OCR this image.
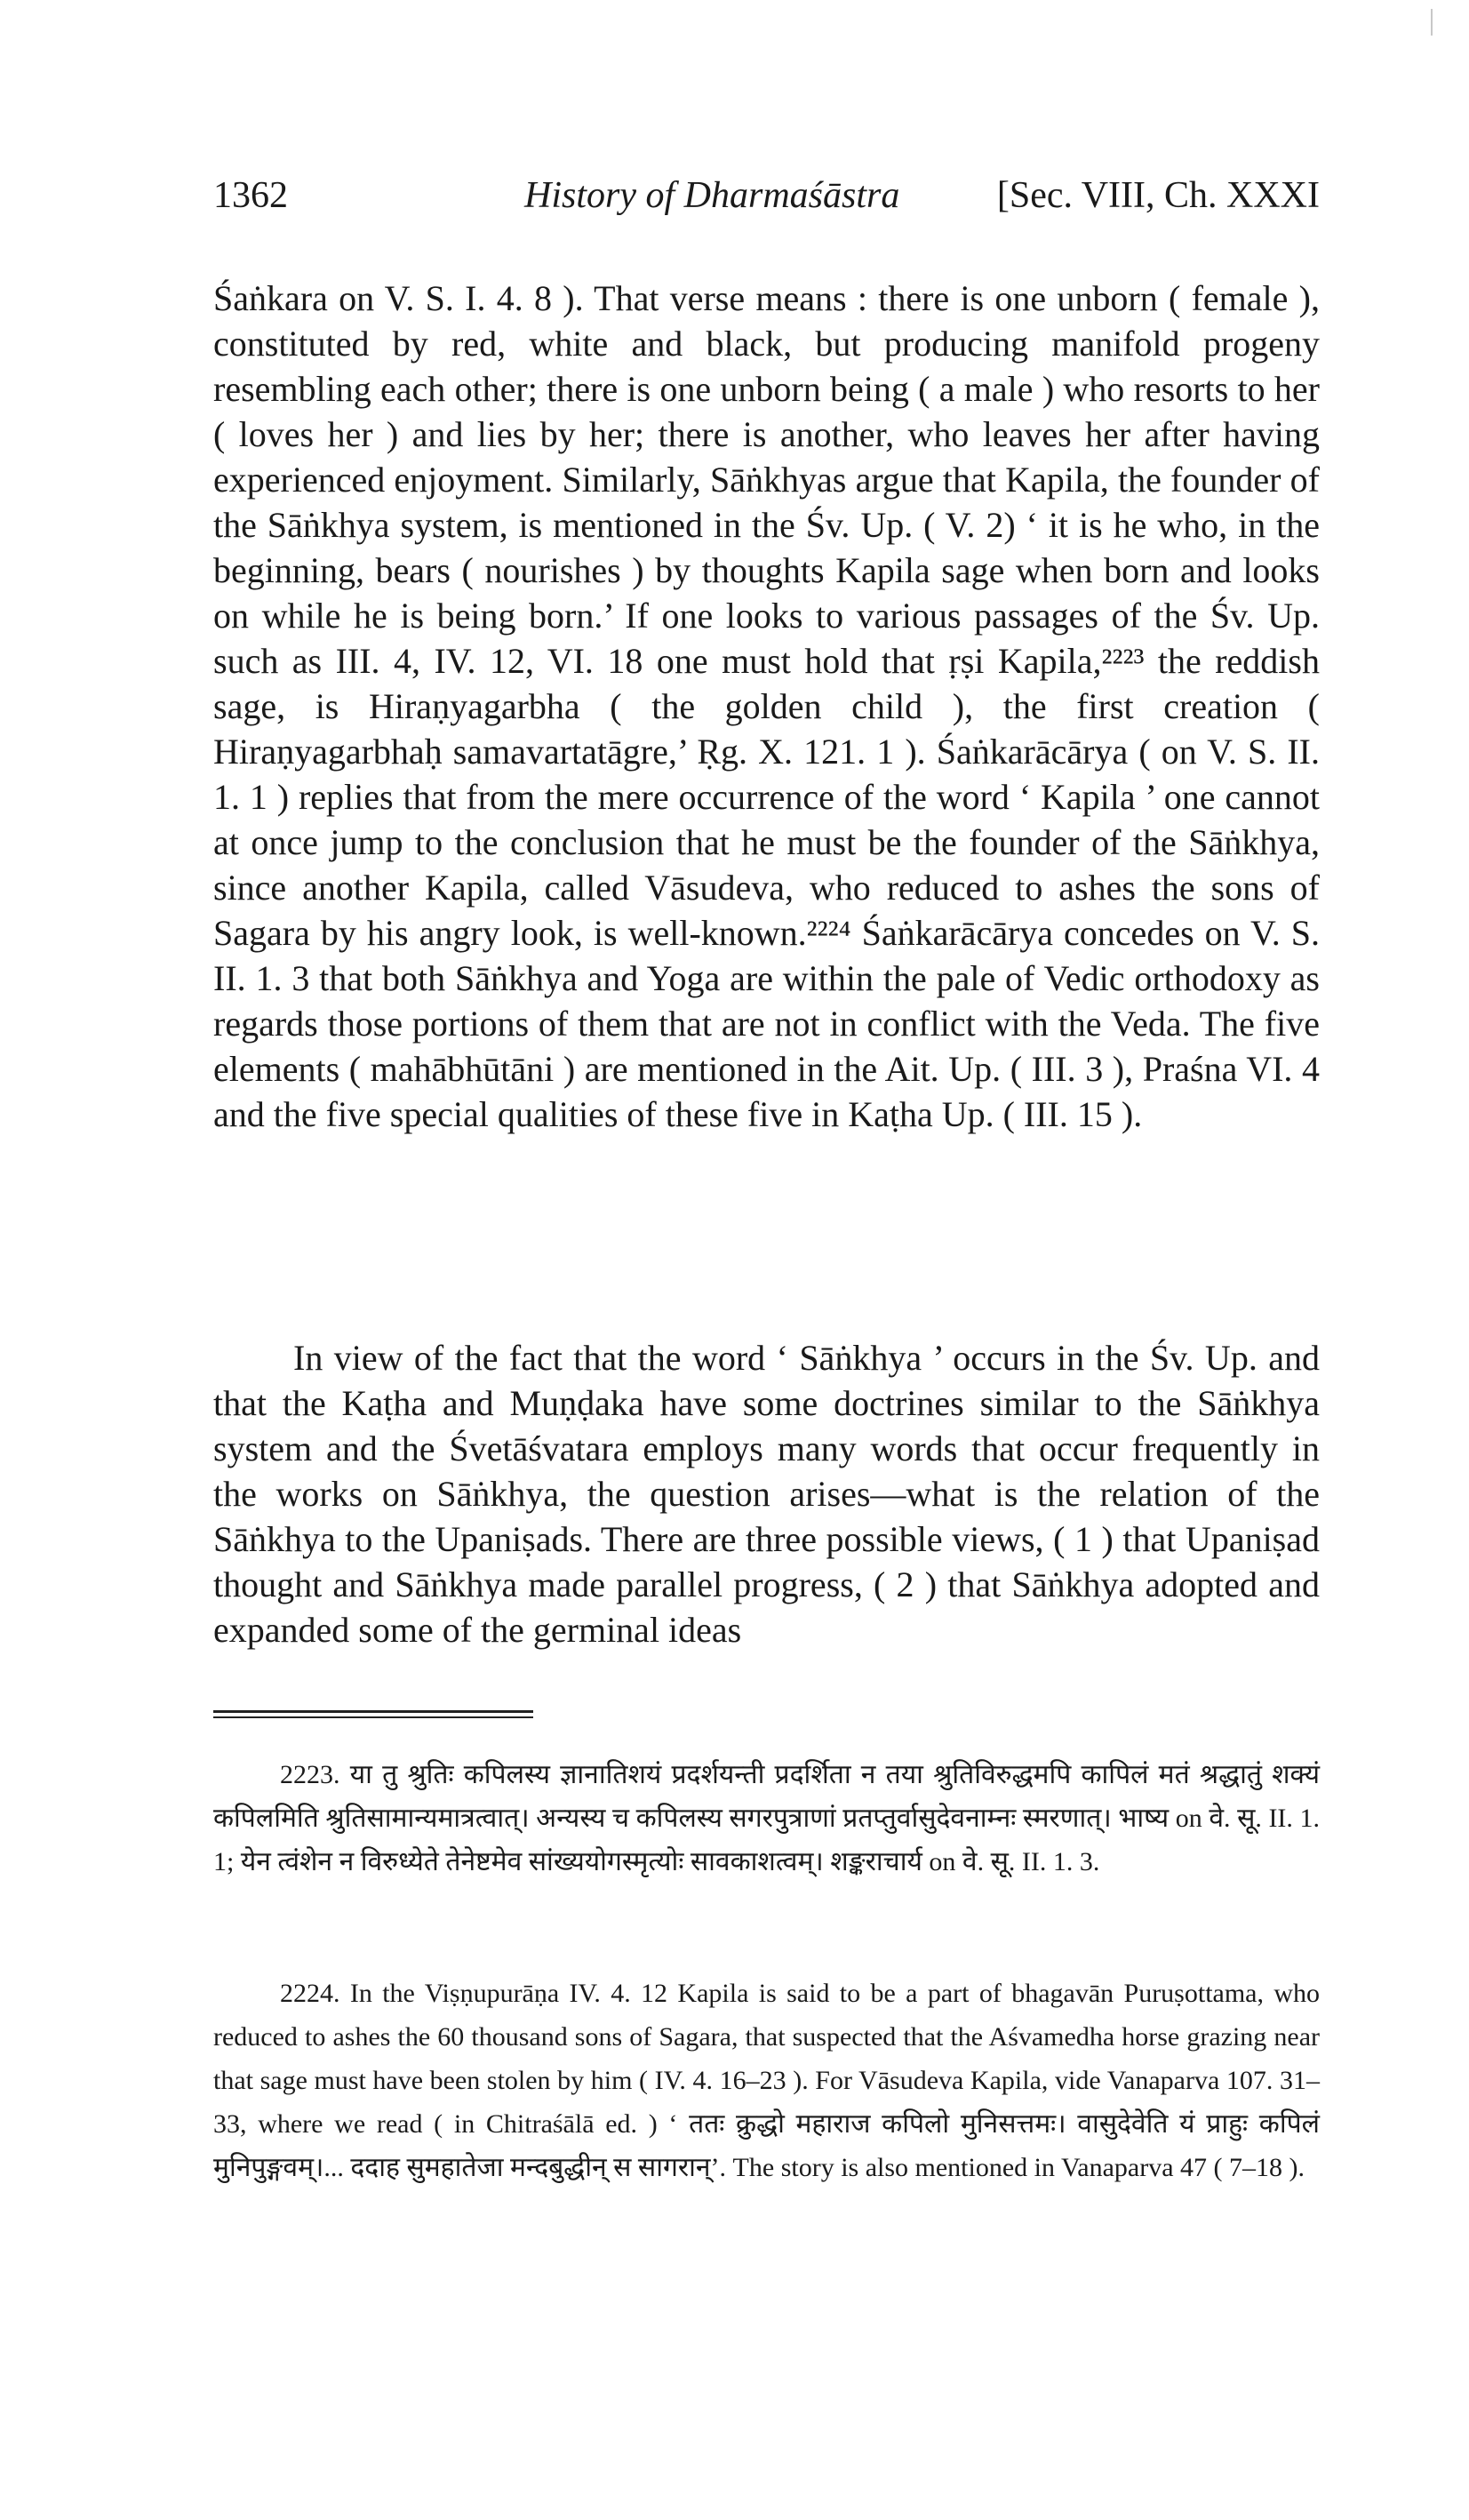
1362	History of Dharmaśāstra	[Sec. VIII, Ch. XXXI

Śaṅkara on V. S. I. 4. 8 ). That verse means : there is one unborn ( female ), constituted by red, white and black, but producing manifold progeny resembling each other; there is one unborn being ( a male ) who resorts to her ( loves her ) and lies by her; there is another, who leaves her after having experienced enjoyment. Similarly, Sāṅkhyas argue that Kapila, the founder of the Sāṅkhya system, is mentioned in the Śv. Up. ( V. 2) ‘ it is he who, in the beginning, bears ( nourishes ) by thoughts Kapila sage when born and looks on while he is being born.’ If one looks to various passages of the Śv. Up. such as III. 4, IV. 12, VI. 18 one must hold that ṛṣi Kapila,²²²³ the reddish sage, is Hiraṇyagarbha ( the golden child ), the first creation ( Hiraṇyagarbhaḥ samavartatāgre,’ Ṛg. X. 121. 1 ). Śaṅkarācārya ( on V. S. II. 1. 1 ) replies that from the mere occurrence of the word ‘ Kapila ’ one cannot at once jump to the conclusion that he must be the founder of the Sāṅkhya, since another Kapila, called Vāsudeva, who reduced to ashes the sons of Sagara by his angry look, is well-known.²²²⁴ Śaṅkarācārya concedes on V. S. II. 1. 3 that both Sāṅkhya and Yoga are within the pale of Vedic orthodoxy as regards those portions of them that are not in conflict with the Veda. The five elements ( mahābhūtāni ) are mentioned in the Ait. Up. ( III. 3 ), Praśna VI. 4 and the five special qualities of these five in Kaṭha Up. ( III. 15 ).

In view of the fact that the word ‘ Sāṅkhya ’ occurs in the Śv. Up. and that the Kaṭha and Muṇḍaka have some doctrines similar to the Sāṅkhya system and the Śvetāśvatara employs many words that occur frequently in the works on Sāṅkhya, the question arises—what is the relation of the Sāṅkhya to the Upaniṣads. There are three possible views, ( 1 ) that Upaniṣad thought and Sāṅkhya made parallel progress, ( 2 ) that Sāṅkhya adopted and expanded some of the germinal ideas

2223. या तु श्रुतिः कपिलस्य ज्ञानातिशयं प्रदर्शयन्ती प्रदर्शिता न तया श्रुतिविरुद्धमपि कापिलं मतं श्रद्धातुं शक्यं कपिलमिति श्रुतिसामान्यमात्रत्वात्। अन्यस्य च कपिलस्य सगरपुत्राणां प्रतप्तुर्वासुदेवनाम्नः स्मरणात्। भाष्य on वे. सू. II. 1. 1; येन त्वंशेन न विरुध्येते तेनेष्टमेव सांख्ययोगस्मृत्योः सावकाशत्वम्। शङ्कराचार्य on वे. सू. II. 1. 3.

2224. In the Viṣṇupurāṇa IV. 4. 12 Kapila is said to be a part of bhagavān Puruṣottama, who reduced to ashes the 60 thousand sons of Sagara, that suspected that the Aśvamedha horse grazing near that sage must have been stolen by him ( IV. 4. 16–23 ). For Vāsudeva Kapila, vide Vanaparva 107. 31–33, where we read ( in Chitraśālā ed. ) ‘ ततः क्रुद्धो महाराज कपिलो मुनिसत्तमः। वासुदेवेति यं प्राहुः कपिलं मुनिपुङ्गवम्।... ददाह सुमहातेजा मन्दबुद्धीन् स सागरान्’. The story is also mentioned in Vanaparva 47 ( 7–18 ).
